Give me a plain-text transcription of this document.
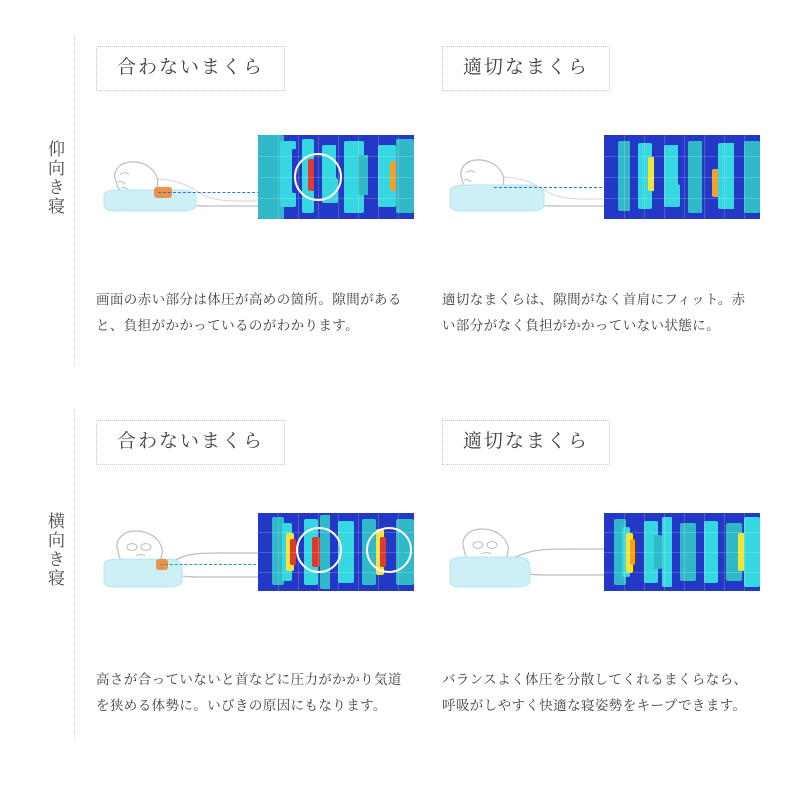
仰向き寝
合わないまくら
画面の赤い部分は体圧が高めの箇所。隙間があると、負担がかかっているのがわかります。
適切なまくら
適切なまくらは、隙間がなく首肩にフィット。赤い部分がなく負担がかかっていない状態に。
横向き寝
合わないまくら
高さが合っていないと首などに圧力がかかり気道を狭める体勢に。いびきの原因にもなります。
適切なまくら
バランスよく体圧を分散してくれるまくらなら、呼吸がしやすく快適な寝姿勢をキープできます。
